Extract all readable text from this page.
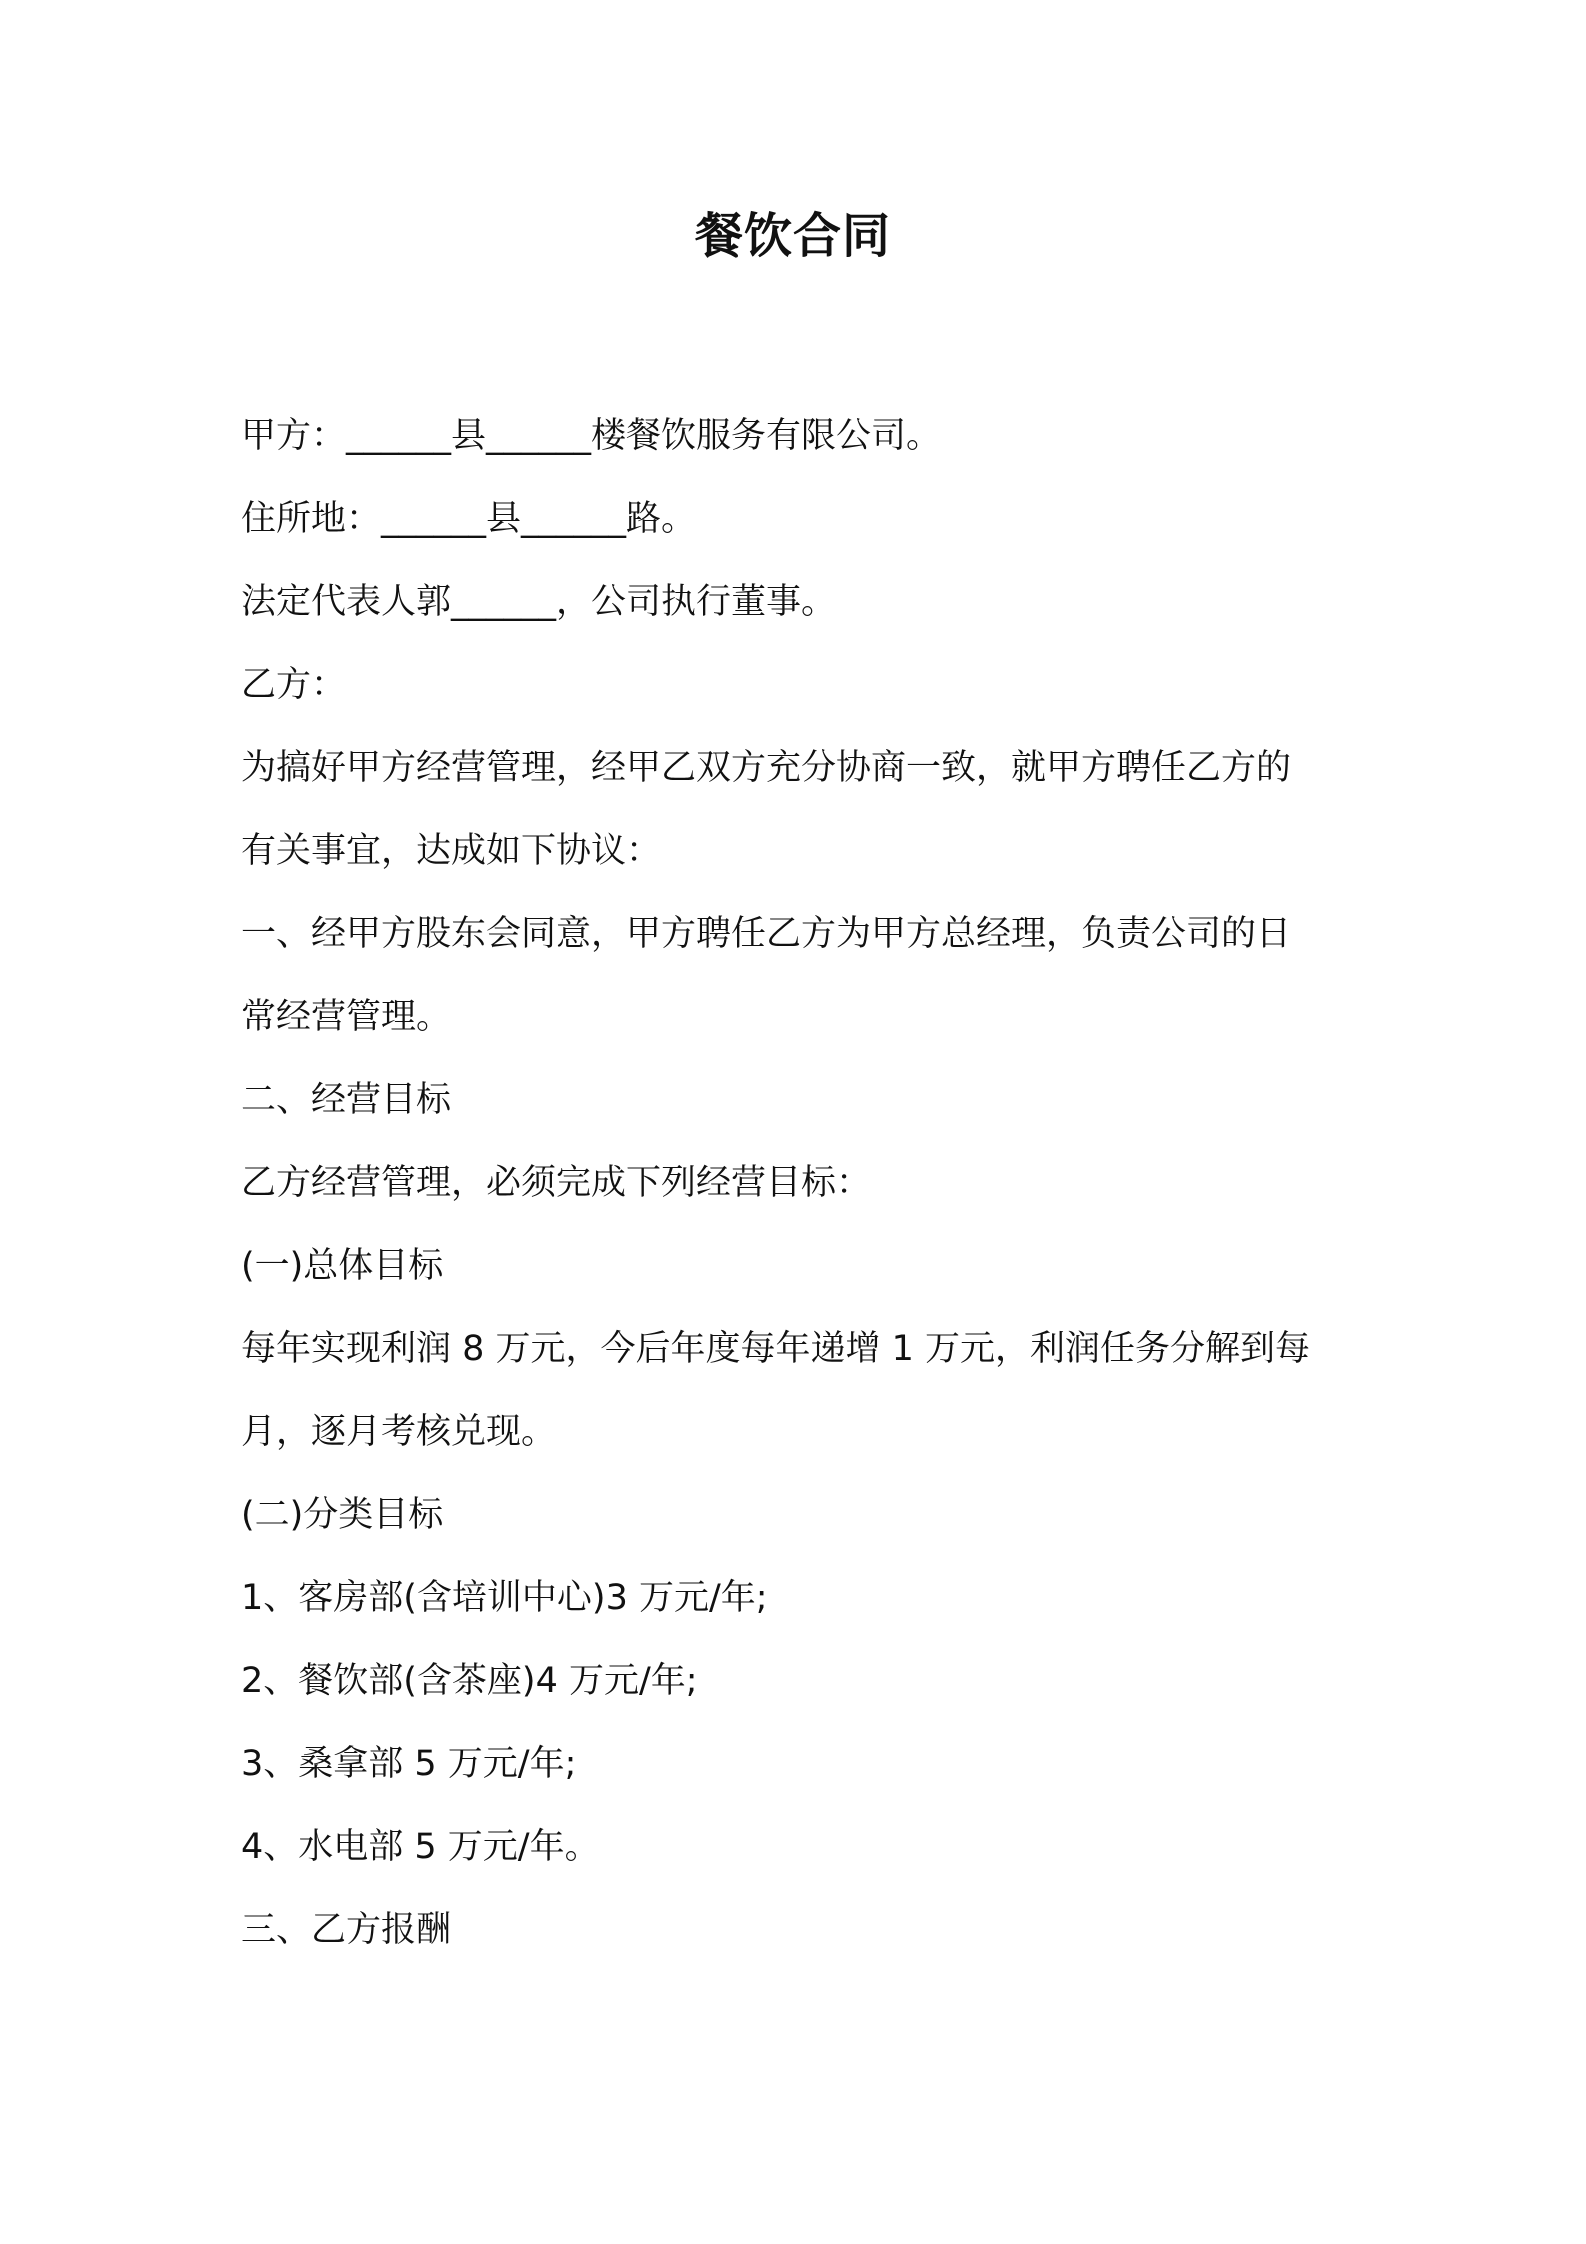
餐饮合同
甲方：______县______楼餐饮服务有限公司。
住所地：______县______路。
法定代表人郭______，公司执行董事。
乙方：
为搞好甲方经营管理，经甲乙双方充分协商一致，就甲方聘任乙方的
有关事宜，达成如下协议：
一、经甲方股东会同意，甲方聘任乙方为甲方总经理，负责公司的日
常经营管理。
二、经营目标
乙方经营管理，必须完成下列经营目标：
(一)总体目标
每年实现利润 8 万元，今后年度每年递增 1 万元，利润任务分解到每
月，逐月考核兑现。
(二)分类目标
1、客房部(含培训中心)3 万元/年;
2、餐饮部(含茶座)4 万元/年;
3、桑拿部 5 万元/年;
4、水电部 5 万元/年。
三、乙方报酬
